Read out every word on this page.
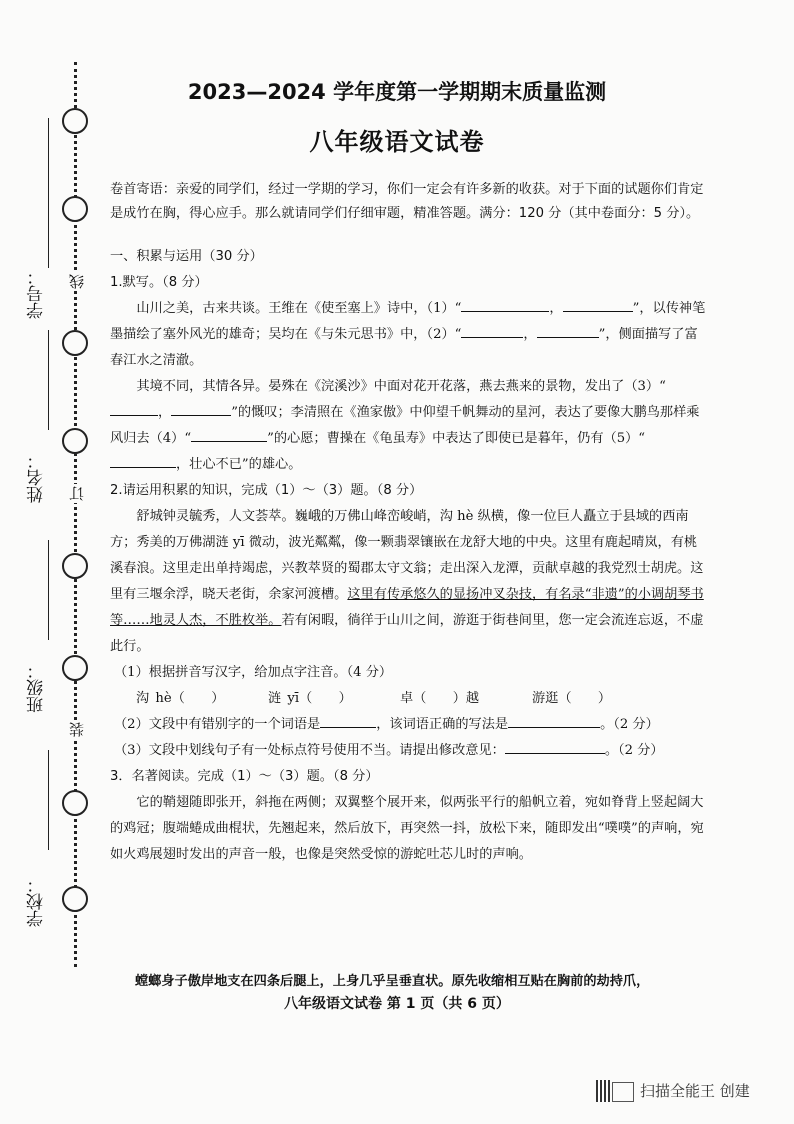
学号：
姓名：
班级：
学校：
线
订
装
2023—2024 学年度第一学期期末质量监测
八年级语文试卷
卷首寄语：亲爱的同学们，经过一学期的学习，你们一定会有许多新的收获。对于下面的试题你们肯定是成竹在胸，得心应手。那么就请同学们仔细审题，精准答题。满分：120 分（其中卷面分：5 分）。
一、积累与运用（30 分）
1.默写。（8 分）

山川之美，古来共谈。王维在《使至塞上》诗中，（1）“	，	”，以传神笔墨描绘了塞外风光的雄奇；吴均在《与朱元思书》中，（2）“	，	”，侧面描写了富春江水之清澈。

其境不同，其情各异。晏殊在《浣溪沙》中面对花开花落，燕去燕来的景物，发出了（3）“，	”的慨叹；李清照在《渔家傲》中仰望千帆舞动的星河，表达了要像大鹏鸟那样乘风归去（4）“	”的心愿；曹操在《龟虽寿》中表达了即使已是暮年，仍有（5）“，壮心不已”的雄心。

2.请运用积累的知识，完成（1）～（3）题。（8 分）

舒城钟灵毓秀，人文荟萃。巍峨的万佛山峰峦峻峭，沟 hè 纵横，像一位巨人矗立于县域的西南方；秀美的万佛湖涟 yī 微动，波光粼粼，像一颗翡翠镶嵌在龙舒大地的中央。这里有鹿起晴岚，有桃溪春浪。这里走出单持竭虑，兴教萃贤的蜀郡太守文翁；走出深入龙潭，贡献卓越的我党烈士胡虎。这里有三堰余浮，晓天老街，余家河渡槽。这里有传承悠久的显扬冲叉杂技，有名录“非遗”的小调胡琴书等……地灵人杰，不胜枚举。若有闲暇，徜徉于山川之间，游逛于街巷间里，您一定会流连忘返，不虚此行。

（1）根据拼音写汉字，给加点字注音。（4 分）
沟 hè（　　）	涟 yī（　　）	卓（　　）越	游逛（　　）
（2）文段中有错别字的一个词语是	，该词语正确的写法是	。（2 分）
（3）文段中划线句子有一处标点符号使用不当。请提出修改意见：	。（2 分）
3．名著阅读。完成（1）～（3）题。（8 分）

它的鞘翅随即张开，斜拖在两侧；双翼整个展开来，似两张平行的船帆立着，宛如脊背上竖起阔大的鸡冠；腹端蜷成曲棍状，先翘起来，然后放下，再突然一抖，放松下来，随即发出“噗噗”的声响，宛如火鸡展翅时发出的声音一般，也像是突然受惊的游蛇吐芯儿时的声响。

螳螂身子傲岸地支在四条后腿上，上身几乎呈垂直状。原先收缩相互贴在胸前的劫持爪，
八年级语文试卷 第 1 页（共 6 页）
扫描全能王 创建
